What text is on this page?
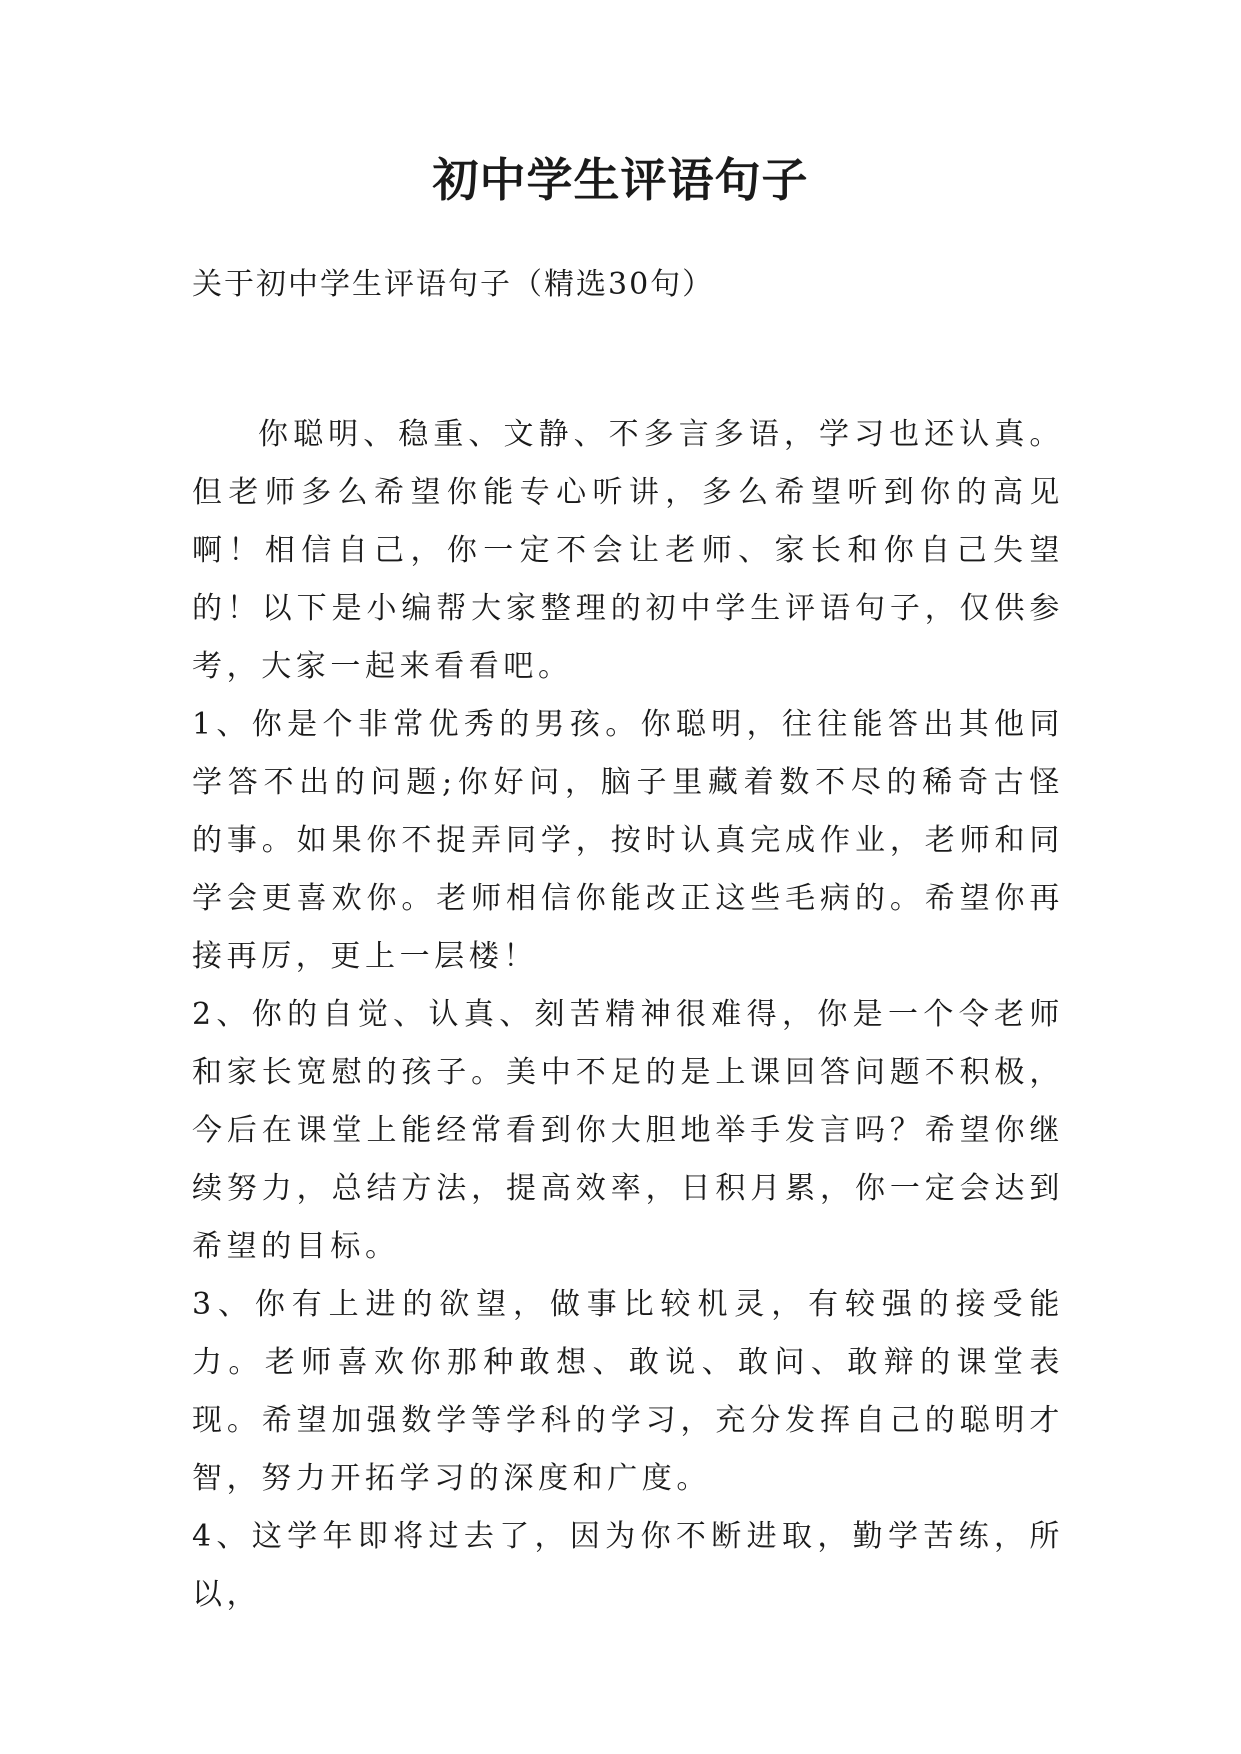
初中学生评语句子

关于初中学生评语句子（精选30句）

你聪明、稳重、文静、不多言多语，学习也还认真。但老师多么希望你能专心听讲，多么希望听到你的高见啊！相信自己，你一定不会让老师、家长和你自己失望的！以下是小编帮大家整理的初中学生评语句子，仅供参考，大家一起来看看吧。

1、你是个非常优秀的男孩。你聪明，往往能答出其他同学答不出的问题;你好问，脑子里藏着数不尽的稀奇古怪的事。如果你不捉弄同学，按时认真完成作业，老师和同学会更喜欢你。老师相信你能改正这些毛病的。希望你再接再厉，更上一层楼！

2、你的自觉、认真、刻苦精神很难得，你是一个令老师和家长宽慰的孩子。美中不足的是上课回答问题不积极，今后在课堂上能经常看到你大胆地举手发言吗？希望你继续努力，总结方法，提高效率，日积月累，你一定会达到希望的目标。

3、你有上进的欲望，做事比较机灵，有较强的接受能力。老师喜欢你那种敢想、敢说、敢问、敢辩的课堂表现。希望加强数学等学科的学习，充分发挥自己的聪明才智，努力开拓学习的深度和广度。

4、这学年即将过去了，因为你不断进取，勤学苦练，所以，
